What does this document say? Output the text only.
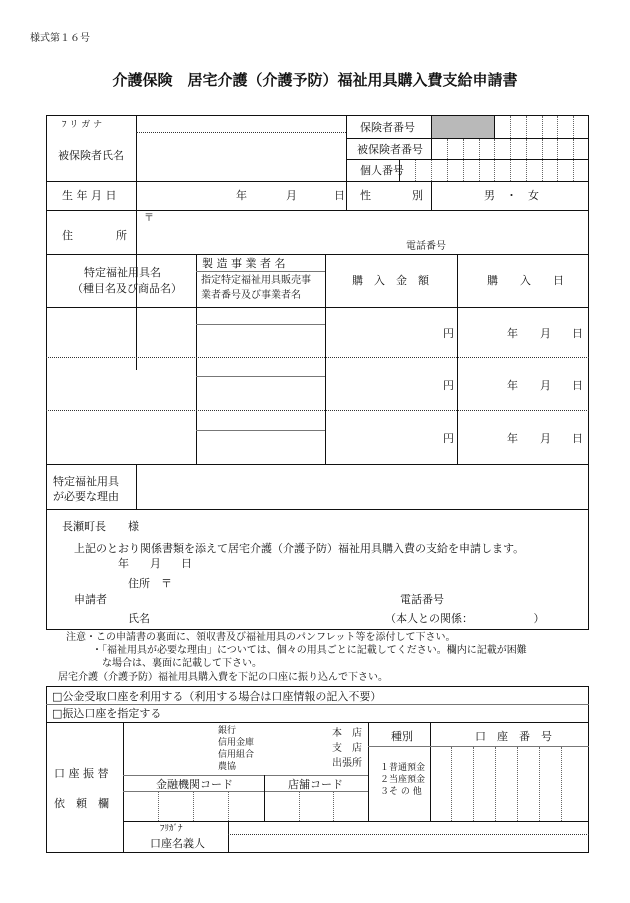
様式第１６号
介護保険　居宅介護（介護予防）福祉用具購入費支給申請書
ﾌ リ ガ ナ
被保険者氏名
保険者番号
被保険者番号
個人番号
生 年 月 日	年	月	日 性	別	男　・　女
住	所
〒
電話番号
特定福祉用具名
（種目名及び商品名）
製 造 事 業 者 名
指定特定福祉用具販売事
業者番号及び事業者名
購　入　金　額	購　　入　　日
円	年 月 日
円	年 月 日
円	年 月 日
特定福祉用具
が必要な理由
長瀬町長　　様
上記のとおり関係書類を添えて居宅介護（介護予防）福祉用具購入費の支給を申請します。
年 月 日
住所　〒
申請者	電話番号
氏名	（本人との関係：　　　　　　）
注意・この申請書の裏面に、領収書及び福祉用具のパンフレット等を添付して下さい。
・「福祉用具が必要な理由」については、個々の用具ごとに記載してください。欄内に記載が困難
な場合は、裏面に記載して下さい。
居宅介護（介護予防）福祉用具購入費を下記の口座に振り込んで下さい。
□公金受取口座を利用する（利用する場合は口座情報の記入不要）
□振込口座を指定する
口 座 振 替
依　頼　欄
銀行
信用金庫
信用組合
農協
本　店
支　店
出張所
種別	口　座　番　号
１普通預金
２当座預金
３そ の 他
金融機関コード	店舗コード
ﾌﾘｶﾞﾅ
口座名義人
